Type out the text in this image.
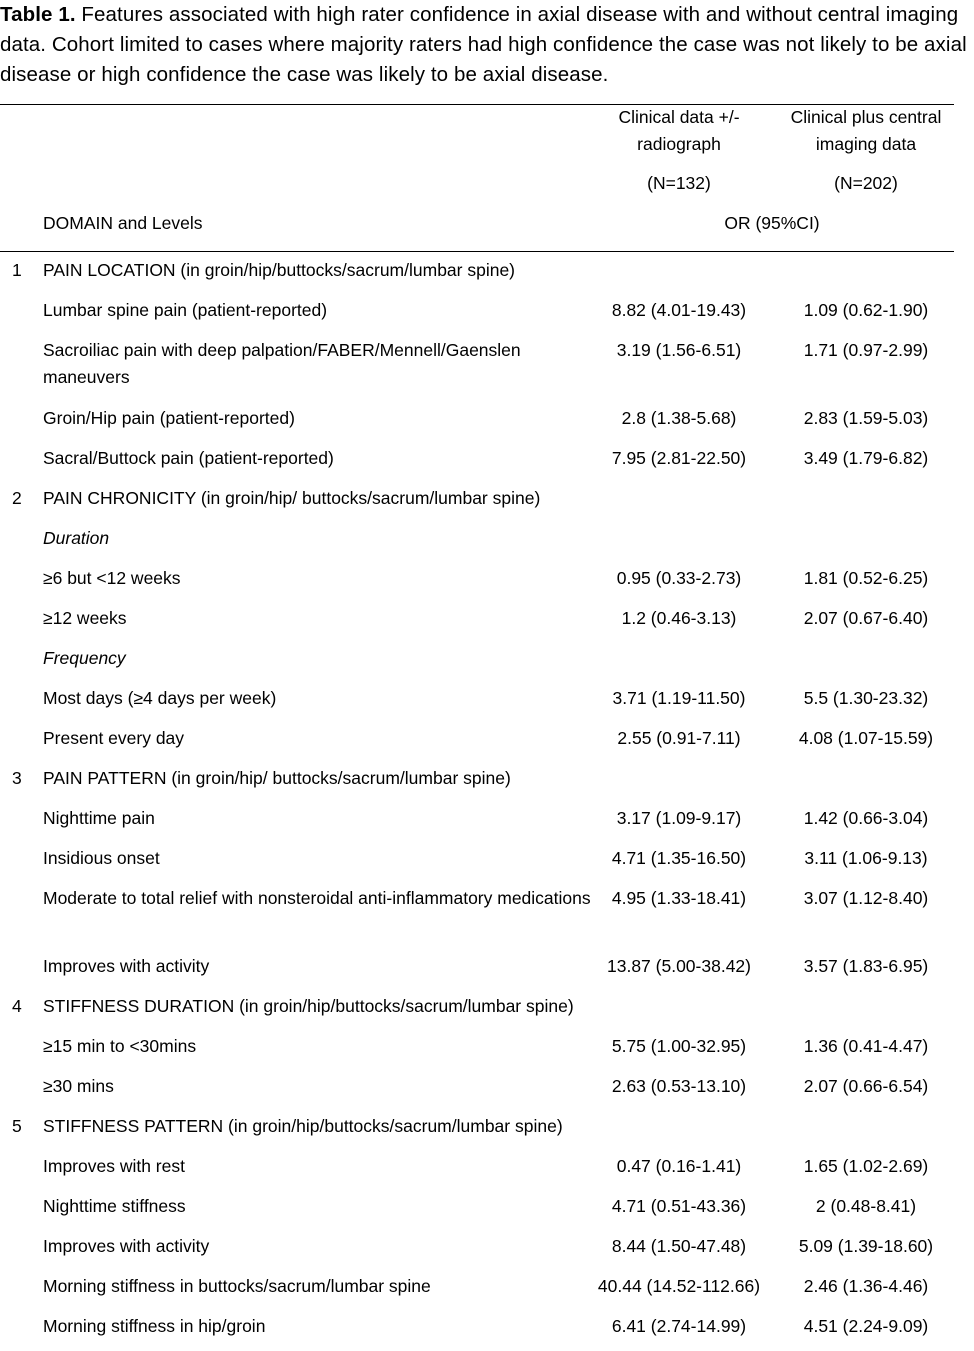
Table 1. Features associated with high rater confidence in axial disease with and without central imaging data. Cohort limited to cases where majority raters had high confidence the case was not likely to be axial disease or high confidence the case was likely to be axial disease.
Clinical data +/-
radiograph
Clinical plus central
imaging data
(N=132)	(N=202)
DOMAIN and Levels	OR (95%CI)
1 PAIN LOCATION (in groin/hip/buttocks/sacrum/lumbar spine)
Lumbar spine pain (patient-reported)	8.82 (4.01-19.43)	1.09 (0.62-1.90)
Sacroiliac pain with deep palpation/FABER/Mennell/Gaenslen maneuvers
3.19 (1.56-6.51)	1.71 (0.97-2.99)
Groin/Hip pain (patient-reported)	2.8 (1.38-5.68)	2.83 (1.59-5.03)
Sacral/Buttock pain (patient-reported)	7.95 (2.81-22.50)	3.49 (1.79-6.82)
2 PAIN CHRONICITY (in groin/hip/ buttocks/sacrum/lumbar spine)
Duration
≥6 but <12 weeks	0.95 (0.33-2.73)	1.81 (0.52-6.25)
≥12 weeks	1.2 (0.46-3.13)	2.07 (0.67-6.40)
Frequency
Most days (≥4 days per week)	3.71 (1.19-11.50)	5.5 (1.30-23.32)
Present every day	2.55 (0.91-7.11)	4.08 (1.07-15.59)
3 PAIN PATTERN (in groin/hip/ buttocks/sacrum/lumbar spine)
Nighttime pain	3.17 (1.09-9.17)	1.42 (0.66-3.04)
Insidious onset	4.71 (1.35-16.50)	3.11 (1.06-9.13)
Moderate to total relief with nonsteroidal anti-inflammatory medications	4.95 (1.33-18.41)	3.07 (1.12-8.40)
Improves with activity	13.87 (5.00-38.42)	3.57 (1.83-6.95)
4 STIFFNESS DURATION (in groin/hip/buttocks/sacrum/lumbar spine)
≥15 min to <30mins	5.75 (1.00-32.95)	1.36 (0.41-4.47)
≥30 mins	2.63 (0.53-13.10)	2.07 (0.66-6.54)
5 STIFFNESS PATTERN (in groin/hip/buttocks/sacrum/lumbar spine)
Improves with rest	0.47 (0.16-1.41)	1.65 (1.02-2.69)
Nighttime stiffness	4.71 (0.51-43.36)	2 (0.48-8.41)
Improves with activity	8.44 (1.50-47.48)	5.09 (1.39-18.60)
Morning stiffness in buttocks/sacrum/lumbar spine	40.44 (14.52-112.66)	2.46 (1.36-4.46)
Morning stiffness in hip/groin	6.41 (2.74-14.99)	4.51 (2.24-9.09)
